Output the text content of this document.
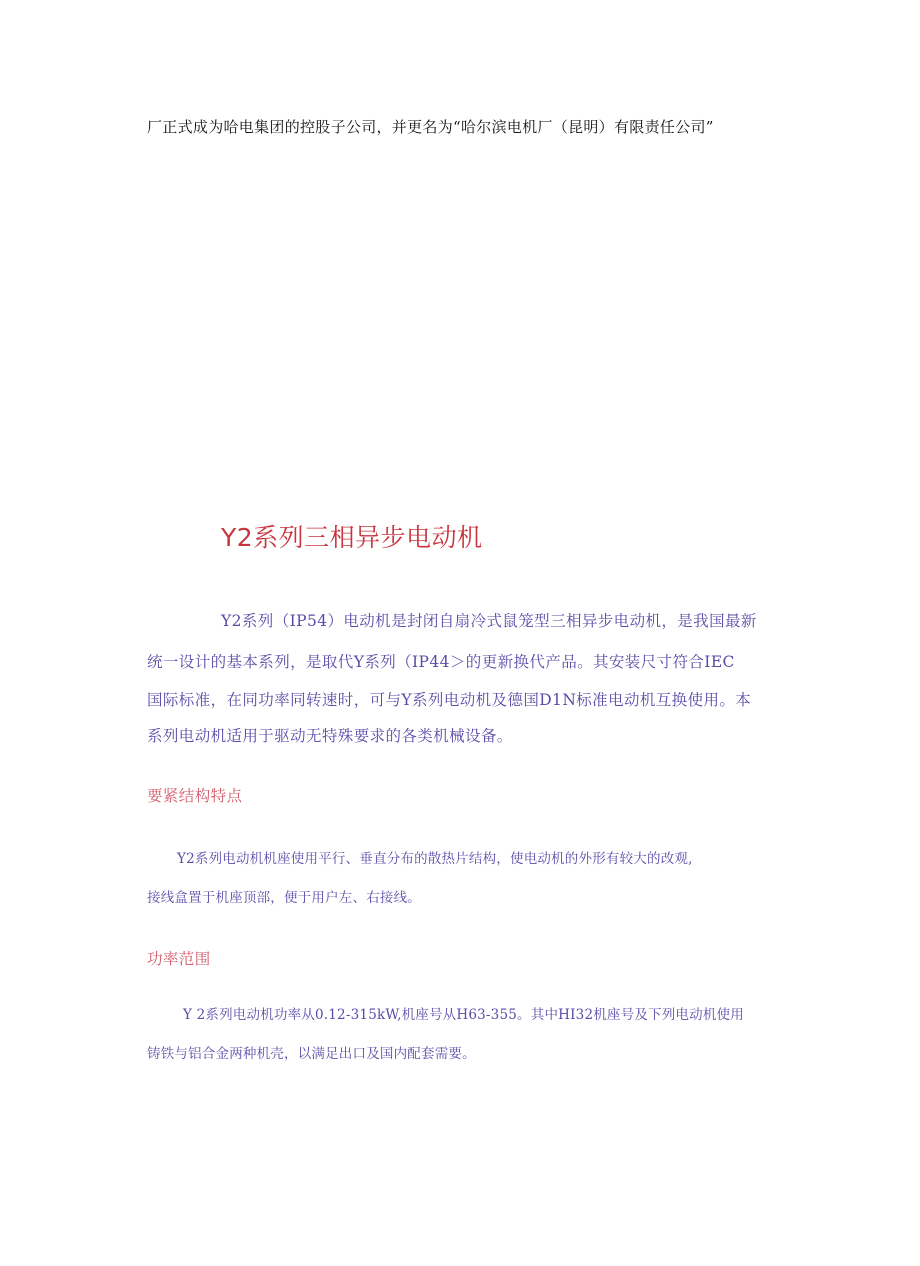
厂正式成为哈电集团的控股子公司，并更名为“哈尔滨电机厂（昆明）有限责任公司”
Y2系列三相异步电动机
Y2系列（IP54）电动机是封闭自扇冷式鼠笼型三相异步电动机，是我国最新
统一设计的基本系列，是取代Y系列（IP44＞的更新换代产品。其安装尺寸符合IEC
国际标准，在同功率同转速时，可与Y系列电动机及德国D1N标准电动机互换使用。本
系列电动机适用于驱动无特殊要求的各类机械设备。
要紧结构特点
Y2系列电动机机座使用平行、垂直分布的散热片结构，使电动机的外形有较大的改观,
接线盒置于机座顶部，便于用户左、右接线。
功率范围
Y 2系列电动机功率从0.12-315kW,机座号从H63-355。其中HI32机座号及下列电动机使用
铸铁与铝合金两种机壳，以满足出口及国内配套需要。
